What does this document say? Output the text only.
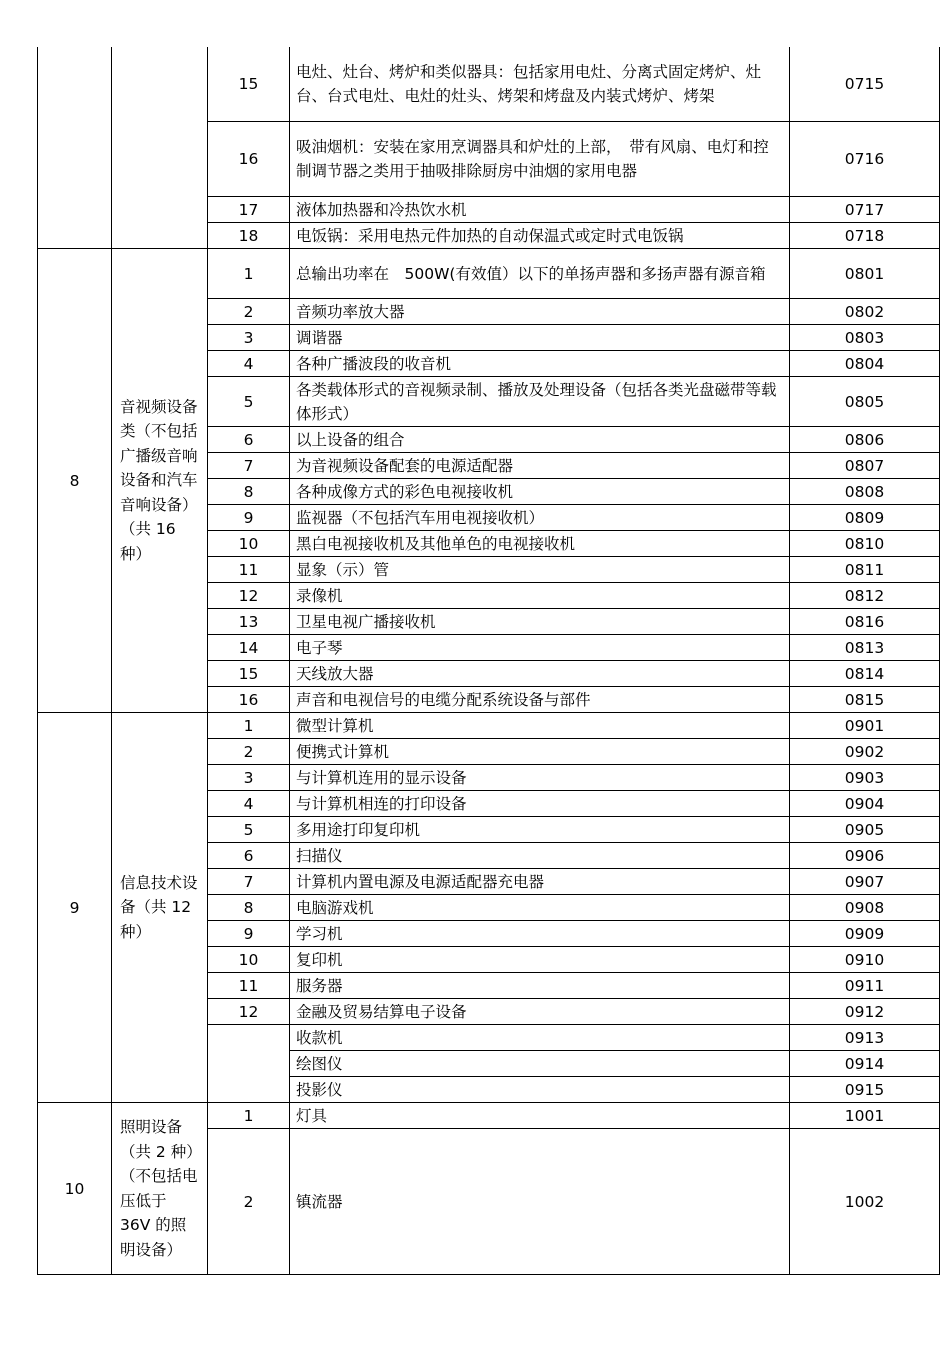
		15	电灶、灶台、烤炉和类似器具：包括家用电灶、分离式固定烤炉、灶台、台式电灶、电灶的灶头、烤架和烤盘及内装式烤炉、烤架	0715
		16	吸油烟机：安装在家用烹调器具和炉灶的上部，　带有风扇、电灯和控制调节器之类用于抽吸排除厨房中油烟的家用电器	0716
		17	液体加热器和冷热饮水机	0717
		18	电饭锅：采用电热元件加热的自动保温式或定时式电饭锅	0718
8	音视频设备类（不包括广播级音响设备和汽车音响设备）（共 16 种）	1	总输出功率在　500W(有效值）以下的单扬声器和多扬声器有源音箱	0801
		2	音频功率放大器	0802
		3	调谐器	0803
		4	各种广播波段的收音机	0804
		5	各类载体形式的音视频录制、播放及处理设备（包括各类光盘磁带等载体形式）	0805
		6	以上设备的组合	0806
		7	为音视频设备配套的电源适配器	0807
		8	各种成像方式的彩色电视接收机	0808
		9	监视器（不包括汽车用电视接收机）	0809
		10	黑白电视接收机及其他单色的电视接收机	0810
		11	显象（示）管	0811
		12	录像机	0812
		13	卫星电视广播接收机	0816
		14	电子琴	0813
		15	天线放大器	0814
		16	声音和电视信号的电缆分配系统设备与部件	0815
9	信息技术设备（共 12 种）	1	微型计算机	0901
		2	便携式计算机	0902
		3	与计算机连用的显示设备	0903
		4	与计算机相连的打印设备	0904
		5	多用途打印复印机	0905
		6	扫描仪	0906
		7	计算机内置电源及电源适配器充电器	0907
		8	电脑游戏机	0908
		9	学习机	0909
		10	复印机	0910
		11	服务器	0911
		12	金融及贸易结算电子设备	0912
			收款机	0913
			绘图仪	0914
			投影仪	0915
10	照明设备（共 2 种）（不包括电压低于 36V 的照明设备）	1	灯具	1001
		2	镇流器	1002
